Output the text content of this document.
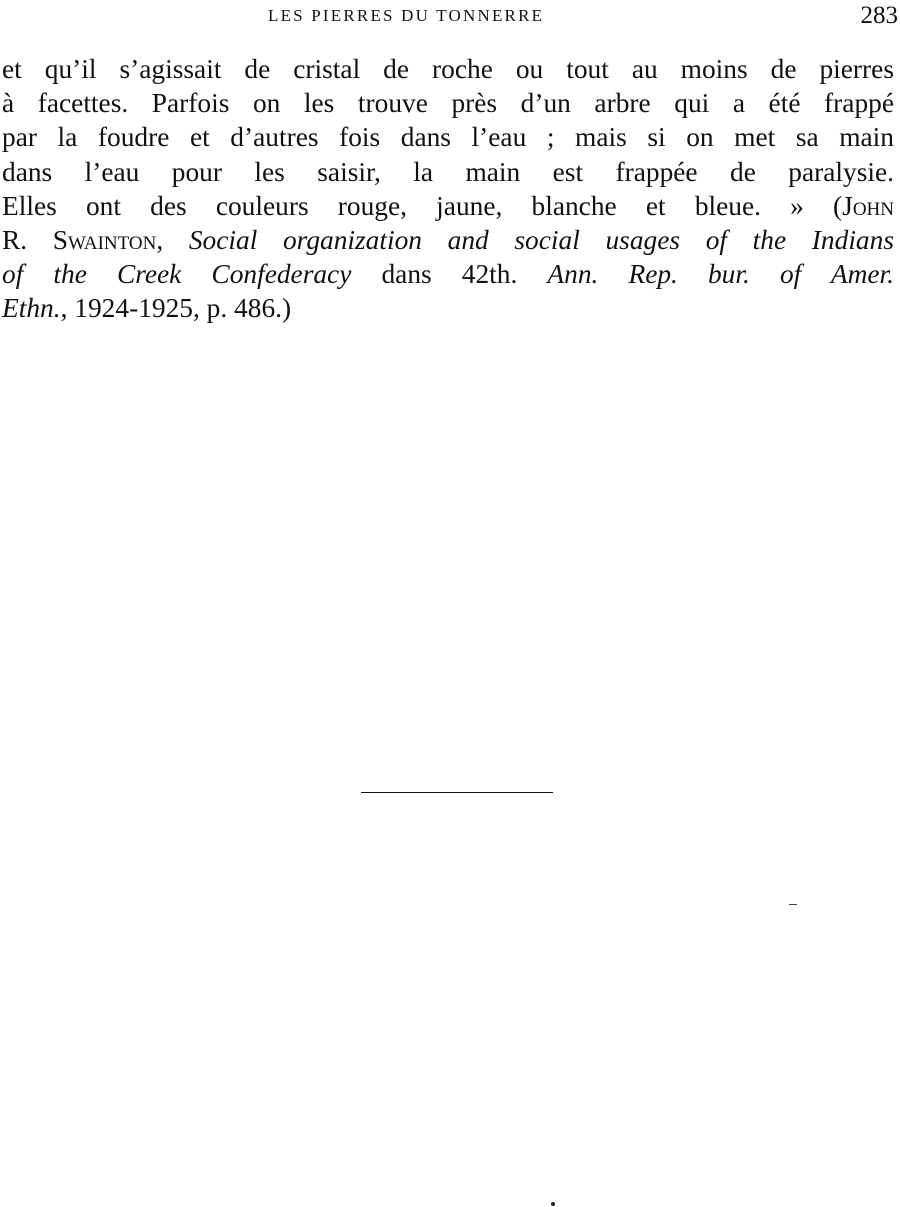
LES PIERRES DU TONNERRE	283

et qu’il s’agissait de cristal de roche ou tout au moins de pierres
à facettes. Parfois on les trouve près d’un arbre qui a été frappé
par la foudre et d’autres fois dans l’eau ; mais si on met sa main
dans l’eau pour les saisir, la main est frappée de paralysie.
Elles ont des couleurs rouge, jaune, blanche et bleue. » (John
R. Swainton, Social organization and social usages of the Indians
of the Creek Confederacy dans 42th. Ann. Rep. bur. of Amer.
Ethn., 1924-1925, p. 486.)
